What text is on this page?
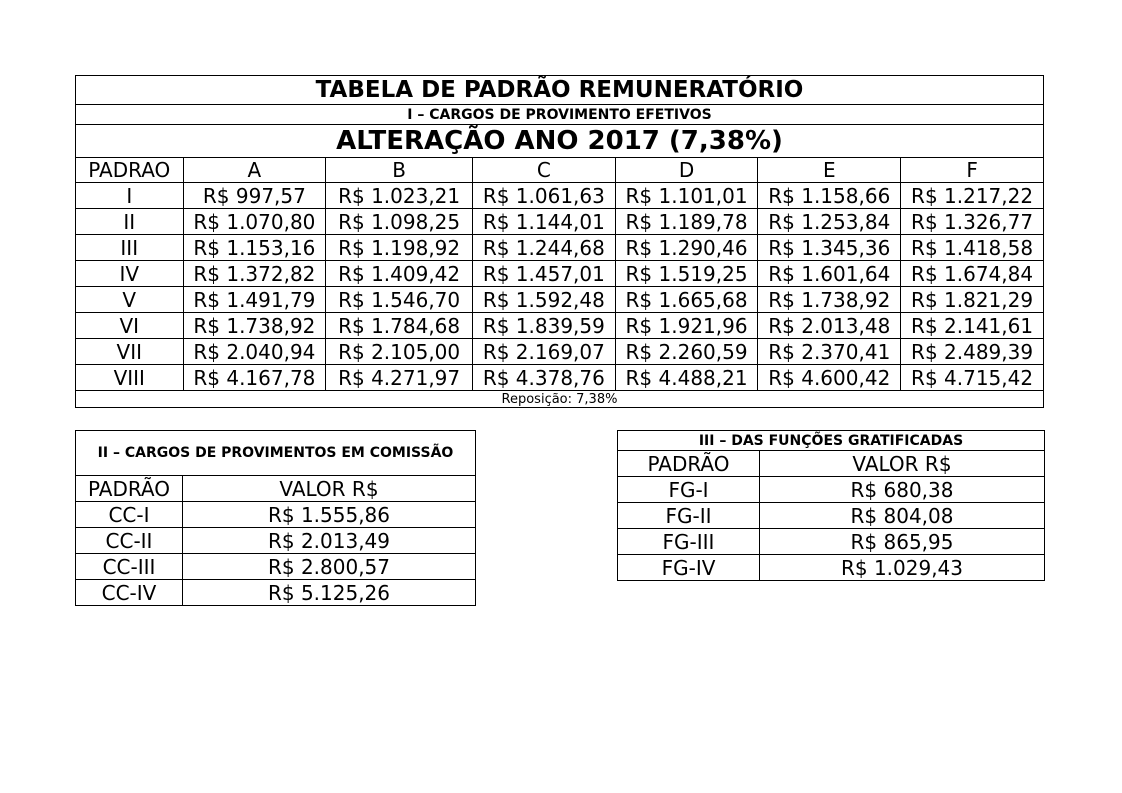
TABELA DE PADRÃO REMUNERATÓRIO						
I – CARGOS DE PROVIMENTO EFETIVOS						
ALTERAÇÃO ANO 2017 (7,38%)						
PADRAO	A	B	C	D	E	F
I	R$ 997,57	R$ 1.023,21	R$ 1.061,63	R$ 1.101,01	R$ 1.158,66	R$ 1.217,22
II	R$ 1.070,80	R$ 1.098,25	R$ 1.144,01	R$ 1.189,78	R$ 1.253,84	R$ 1.326,77
III	R$ 1.153,16	R$ 1.198,92	R$ 1.244,68	R$ 1.290,46	R$ 1.345,36	R$ 1.418,58
IV	R$ 1.372,82	R$ 1.409,42	R$ 1.457,01	R$ 1.519,25	R$ 1.601,64	R$ 1.674,84
V	R$ 1.491,79	R$ 1.546,70	R$ 1.592,48	R$ 1.665,68	R$ 1.738,92	R$ 1.821,29
VI	R$ 1.738,92	R$ 1.784,68	R$ 1.839,59	R$ 1.921,96	R$ 2.013,48	R$ 2.141,61
VII	R$ 2.040,94	R$ 2.105,00	R$ 2.169,07	R$ 2.260,59	R$ 2.370,41	R$ 2.489,39
VIII	R$ 4.167,78	R$ 4.271,97	R$ 4.378,76	R$ 4.488,21	R$ 4.600,42	R$ 4.715,42
Reposição: 7,38%						
II – CARGOS DE PROVIMENTOS EM COMISSÃO	
PADRÃO	VALOR R$
CC-I	R$ 1.555,86
CC-II	R$ 2.013,49
CC-III	R$ 2.800,57
CC-IV	R$ 5.125,26
III – DAS FUNÇÕES GRATIFICADAS	
PADRÃO	VALOR R$
FG-I	R$ 680,38
FG-II	R$ 804,08
FG-III	R$ 865,95
FG-IV	R$ 1.029,43
